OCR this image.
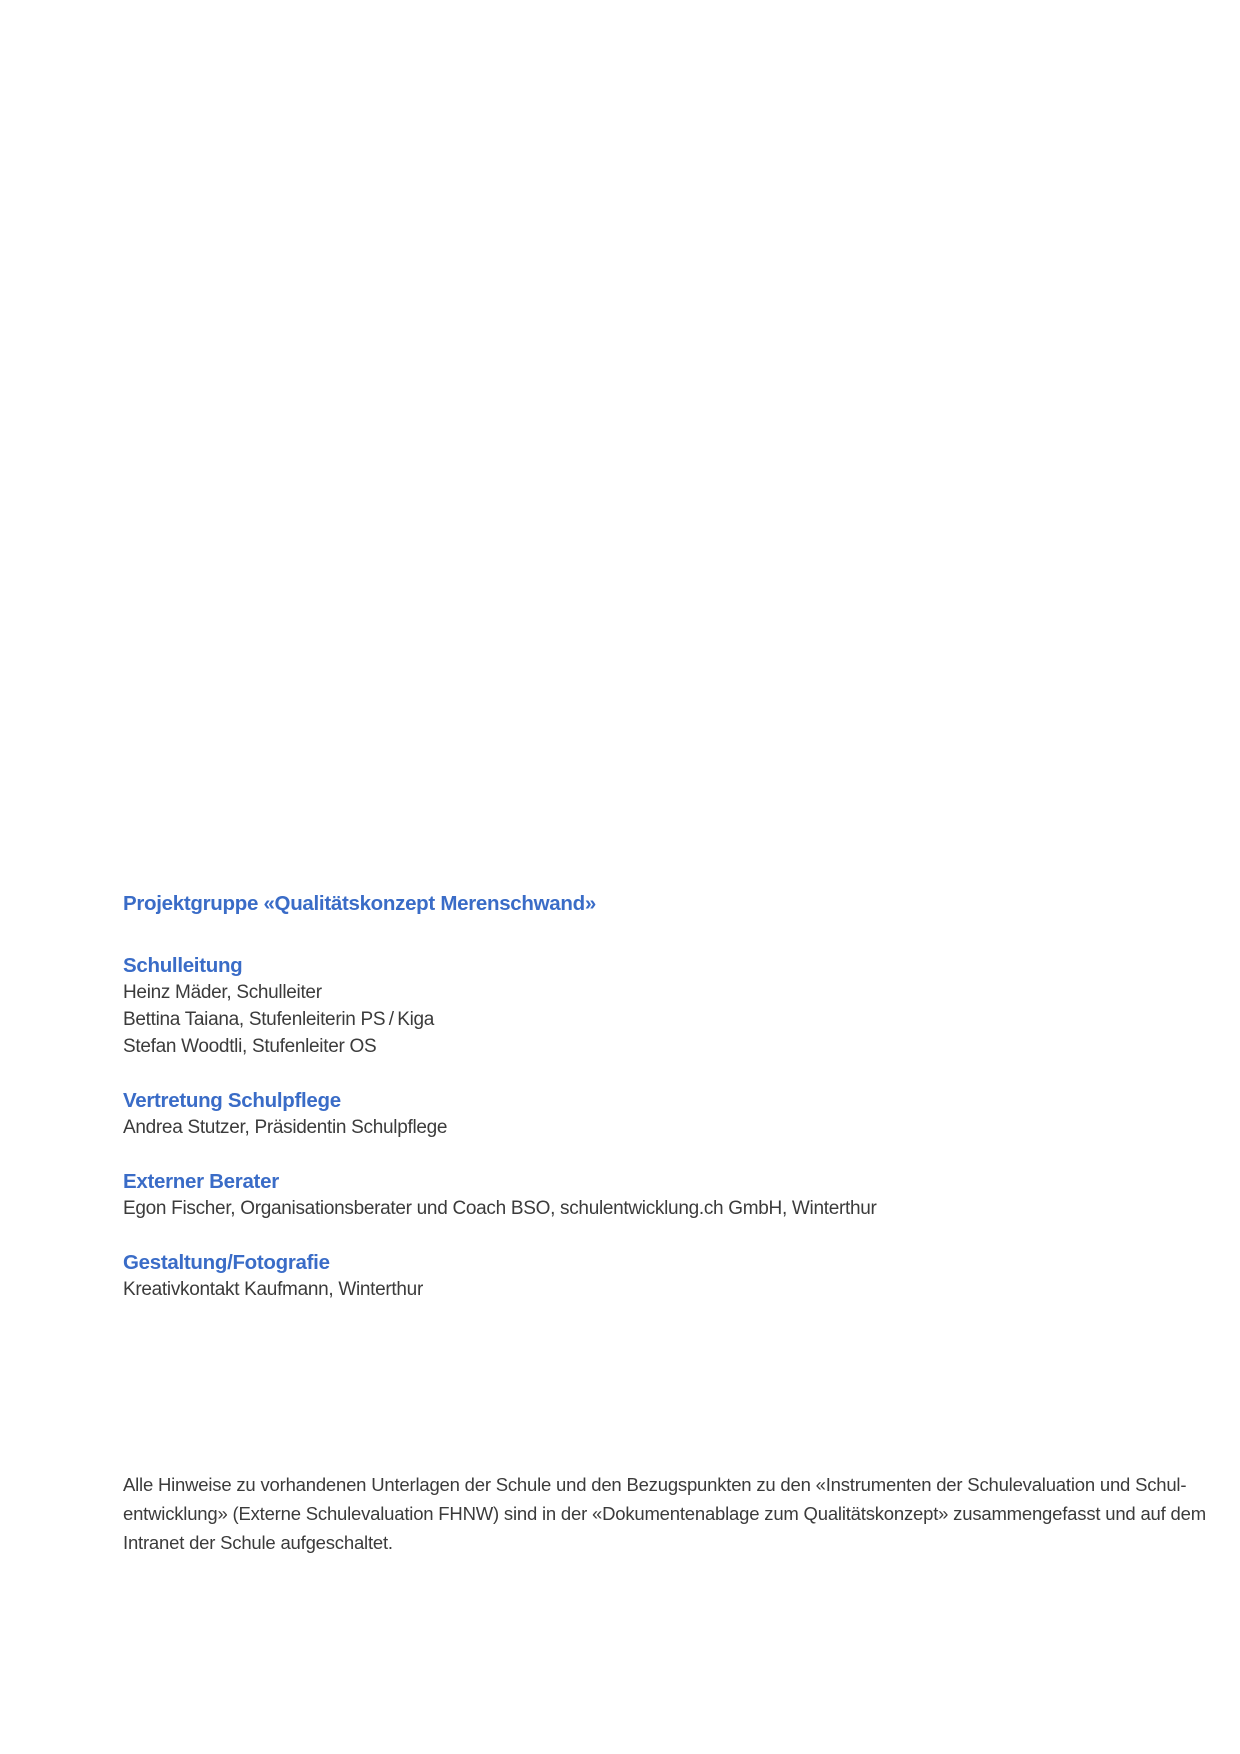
Projektgruppe «Qualitätskonzept Merenschwand»
Schulleitung
Heinz Mäder, Schulleiter
Bettina Taiana, Stufenleiterin PS / Kiga
Stefan Woodtli, Stufenleiter OS
Vertretung Schulpflege
Andrea Stutzer, Präsidentin Schulpflege
Externer Berater
Egon Fischer, Organisationsberater und Coach BSO, schulentwicklung.ch GmbH, Winterthur
Gestaltung/Fotografie
Kreativkontakt Kaufmann, Winterthur
Alle Hinweise zu vorhandenen Unterlagen der Schule und den Bezugspunkten zu den «Instrumenten der Schulevaluation und Schul-
entwicklung» (Externe Schulevaluation FHNW) sind in der «Dokumentenablage zum Qualitätskonzept» zusammengefasst und auf dem
Intranet der Schule aufgeschaltet.
